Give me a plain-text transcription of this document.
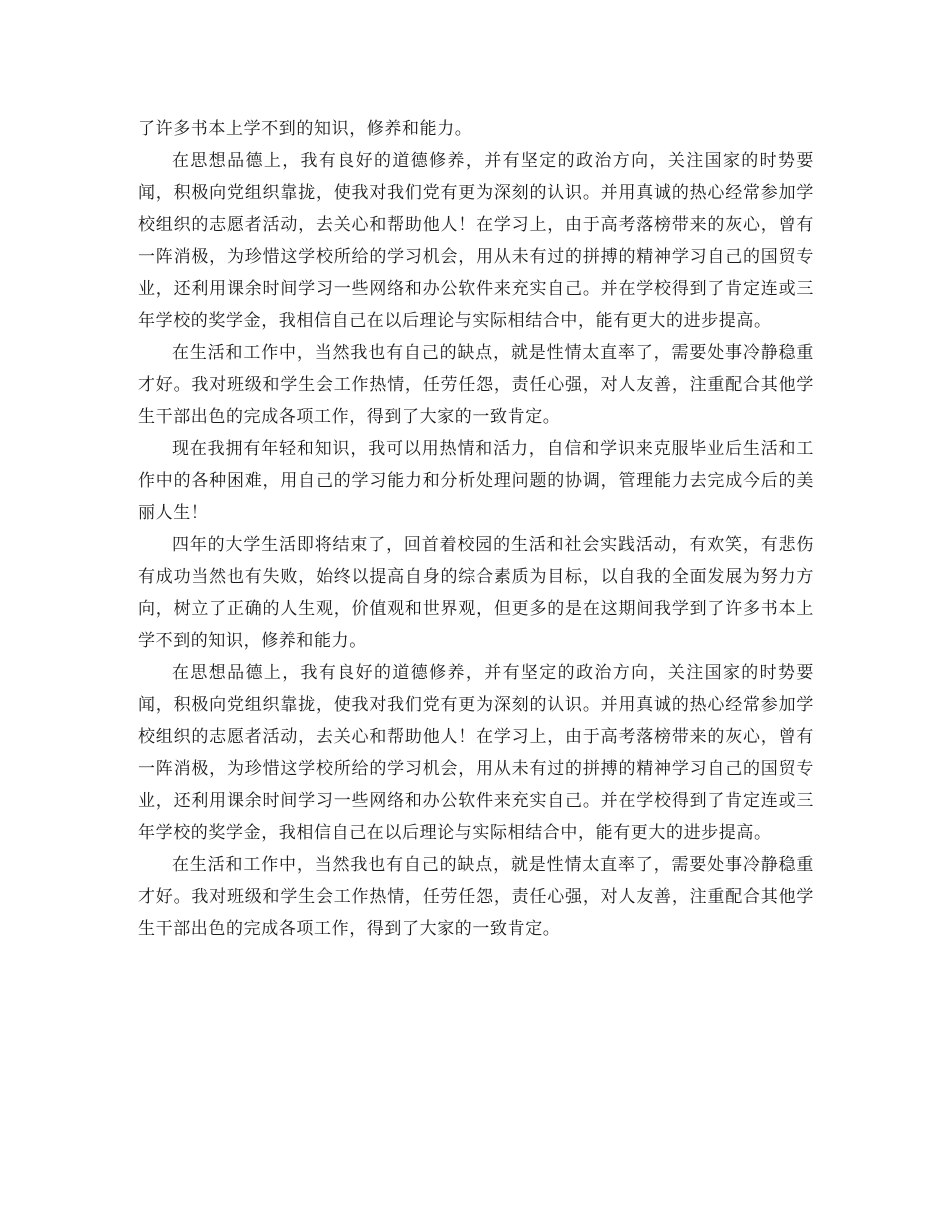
了许多书本上学不到的知识，修养和能力。

在思想品德上，我有良好的道德修养，并有坚定的政治方向，关注国家的时势要闻，积极向党组织靠拢，使我对我们党有更为深刻的认识。并用真诚的热心经常参加学校组织的志愿者活动，去关心和帮助他人！在学习上，由于高考落榜带来的灰心，曾有一阵消极，为珍惜这学校所给的学习机会，用从未有过的拼搏的精神学习自己的国贸专业，还利用课余时间学习一些网络和办公软件来充实自己。并在学校得到了肯定连或三年学校的奖学金，我相信自己在以后理论与实际相结合中，能有更大的进步提高。

在生活和工作中，当然我也有自己的缺点，就是性情太直率了，需要处事冷静稳重才好。我对班级和学生会工作热情，任劳任怨，责任心强，对人友善，注重配合其他学生干部出色的完成各项工作，得到了大家的一致肯定。

现在我拥有年轻和知识，我可以用热情和活力，自信和学识来克服毕业后生活和工作中的各种困难，用自己的学习能力和分析处理问题的协调，管理能力去完成今后的美丽人生！

四年的大学生活即将结束了，回首着校园的生活和社会实践活动，有欢笑，有悲伤有成功当然也有失败，始终以提高自身的综合素质为目标，以自我的全面发展为努力方向，树立了正确的人生观，价值观和世界观，但更多的是在这期间我学到了许多书本上学不到的知识，修养和能力。

在思想品德上，我有良好的道德修养，并有坚定的政治方向，关注国家的时势要闻，积极向党组织靠拢，使我对我们党有更为深刻的认识。并用真诚的热心经常参加学校组织的志愿者活动，去关心和帮助他人！在学习上，由于高考落榜带来的灰心，曾有一阵消极，为珍惜这学校所给的学习机会，用从未有过的拼搏的精神学习自己的国贸专业，还利用课余时间学习一些网络和办公软件来充实自己。并在学校得到了肯定连或三年学校的奖学金，我相信自己在以后理论与实际相结合中，能有更大的进步提高。

在生活和工作中，当然我也有自己的缺点，就是性情太直率了，需要处事冷静稳重才好。我对班级和学生会工作热情，任劳任怨，责任心强，对人友善，注重配合其他学生干部出色的完成各项工作，得到了大家的一致肯定。
